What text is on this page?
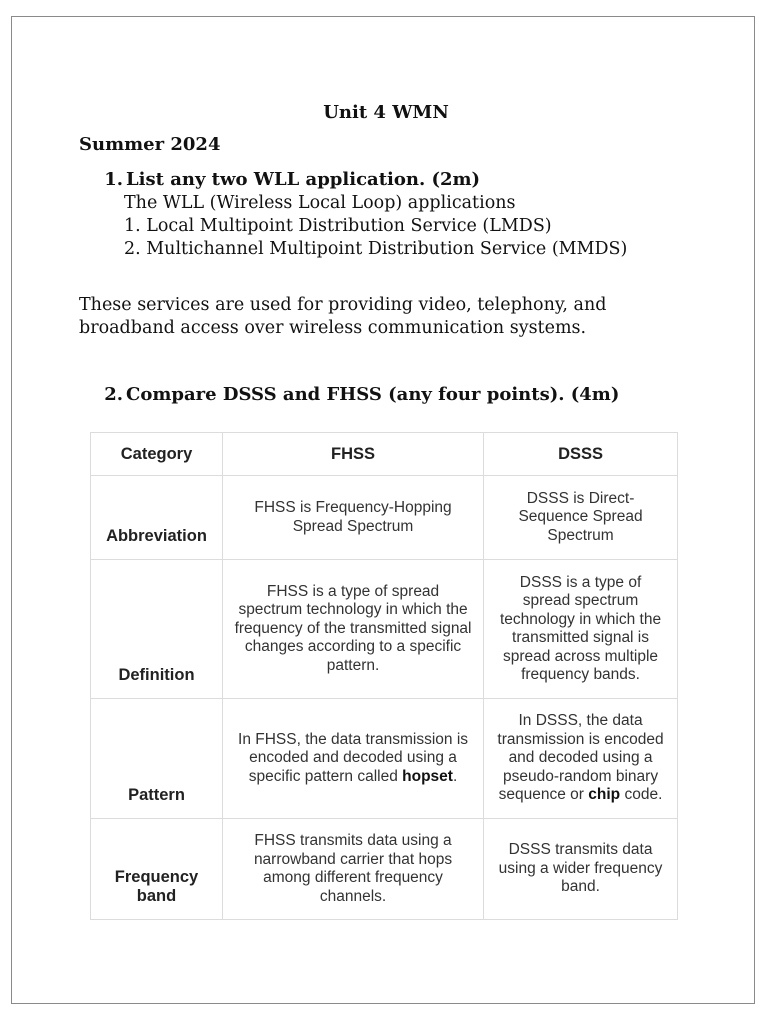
Unit 4 WMN
Summer 2024
1. List any two WLL application. (2m)
The WLL (Wireless Local Loop) applications
1. Local Multipoint Distribution Service (LMDS)
2. Multichannel Multipoint Distribution Service (MMDS)
These services are used for providing video, telephony, and broadband access over wireless communication systems.
2. Compare DSSS and FHSS (any four points). (4m)
Category	FHSS	DSSS
Abbreviation	FHSS is Frequency-Hopping Spread Spectrum	DSSS is Direct-Sequence Spread Spectrum
Definition	FHSS is a type of spread spectrum technology in which the frequency of the transmitted signal changes according to a specific pattern.	DSSS is a type of spread spectrum technology in which the transmitted signal is spread across multiple frequency bands.
Pattern	In FHSS, the data transmission is encoded and decoded using a specific pattern called hopset.	In DSSS, the data transmission is encoded and decoded using a pseudo-random binary sequence or chip code.
Frequency band	FHSS transmits data using a narrowband carrier that hops among different frequency channels.	DSSS transmits data using a wider frequency band.
